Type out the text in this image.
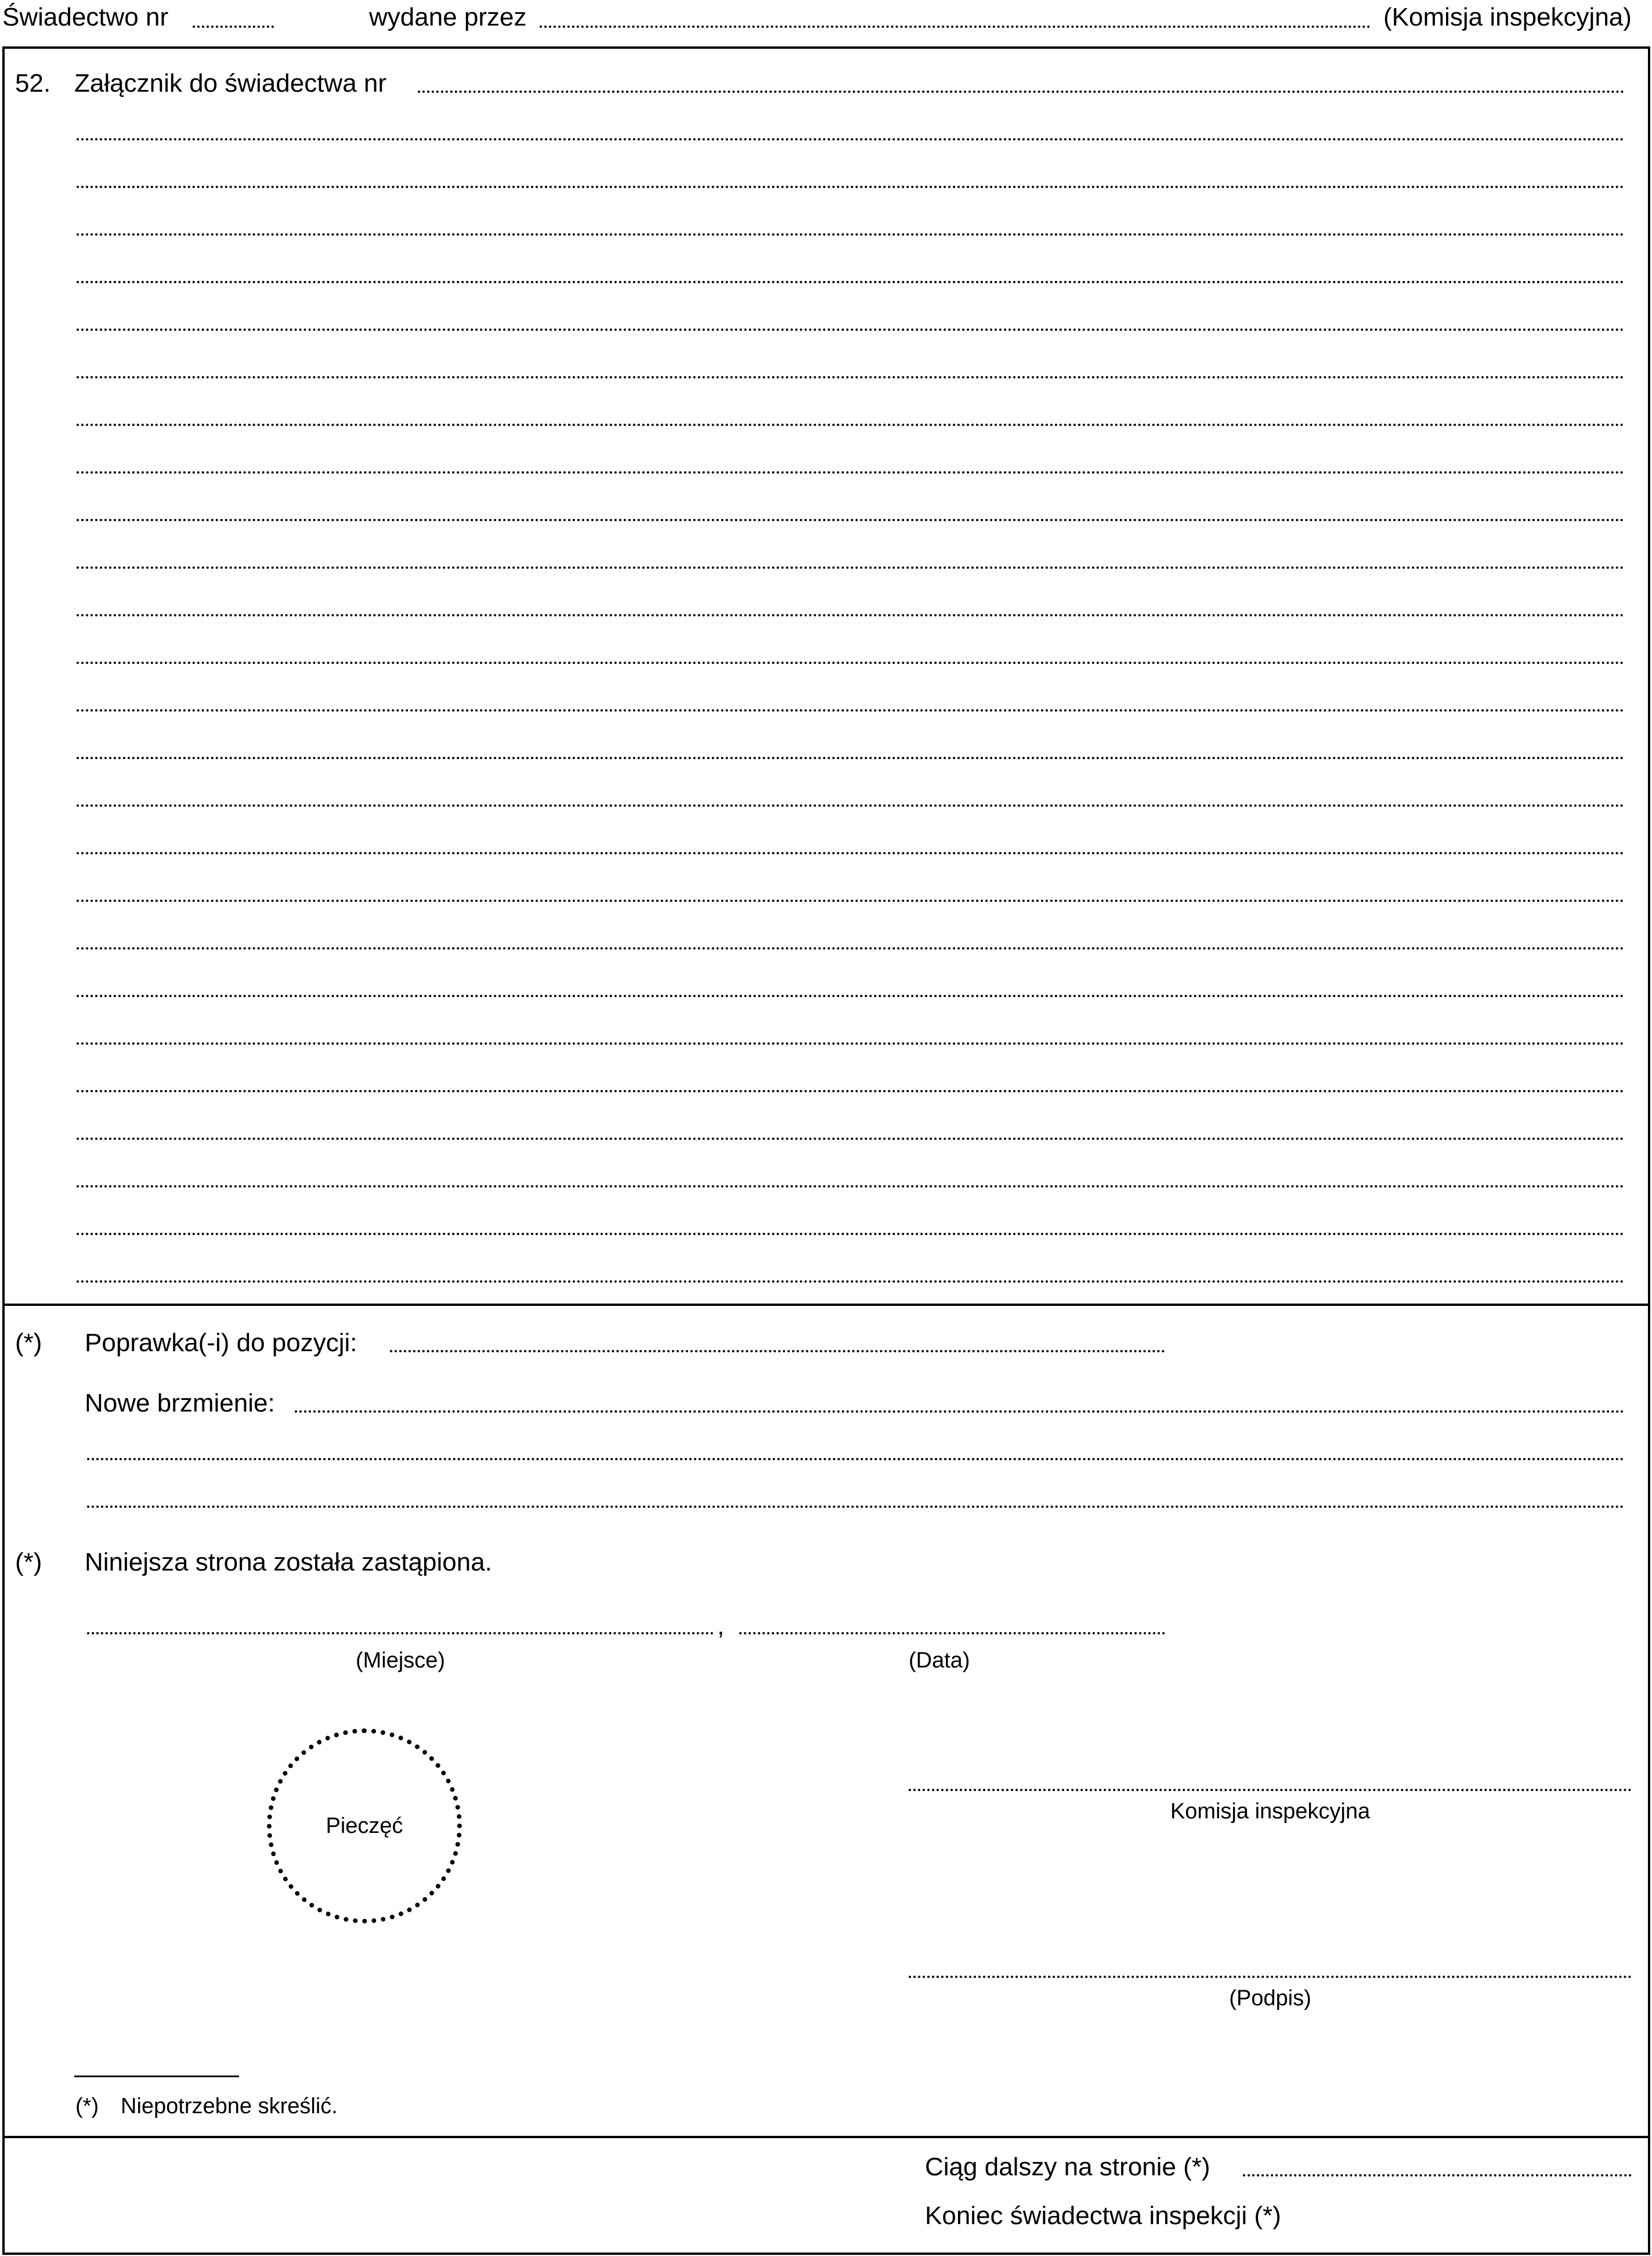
Świadectwo nr	wydane przez	(Komisja inspekcyjna)
52. Załącznik do świadectwa nr
(*) Poprawka(-i) do pozycji:
Nowe brzmienie:
(*) Niniejsza strona została zastąpiona.
,
(Miejsce)	(Data)
Pieczęć
Komisja inspekcyjna
(Podpis)
(*) Niepotrzebne skreślić.
Ciąg dalszy na stronie (*)
Koniec świadectwa inspekcji (*)
